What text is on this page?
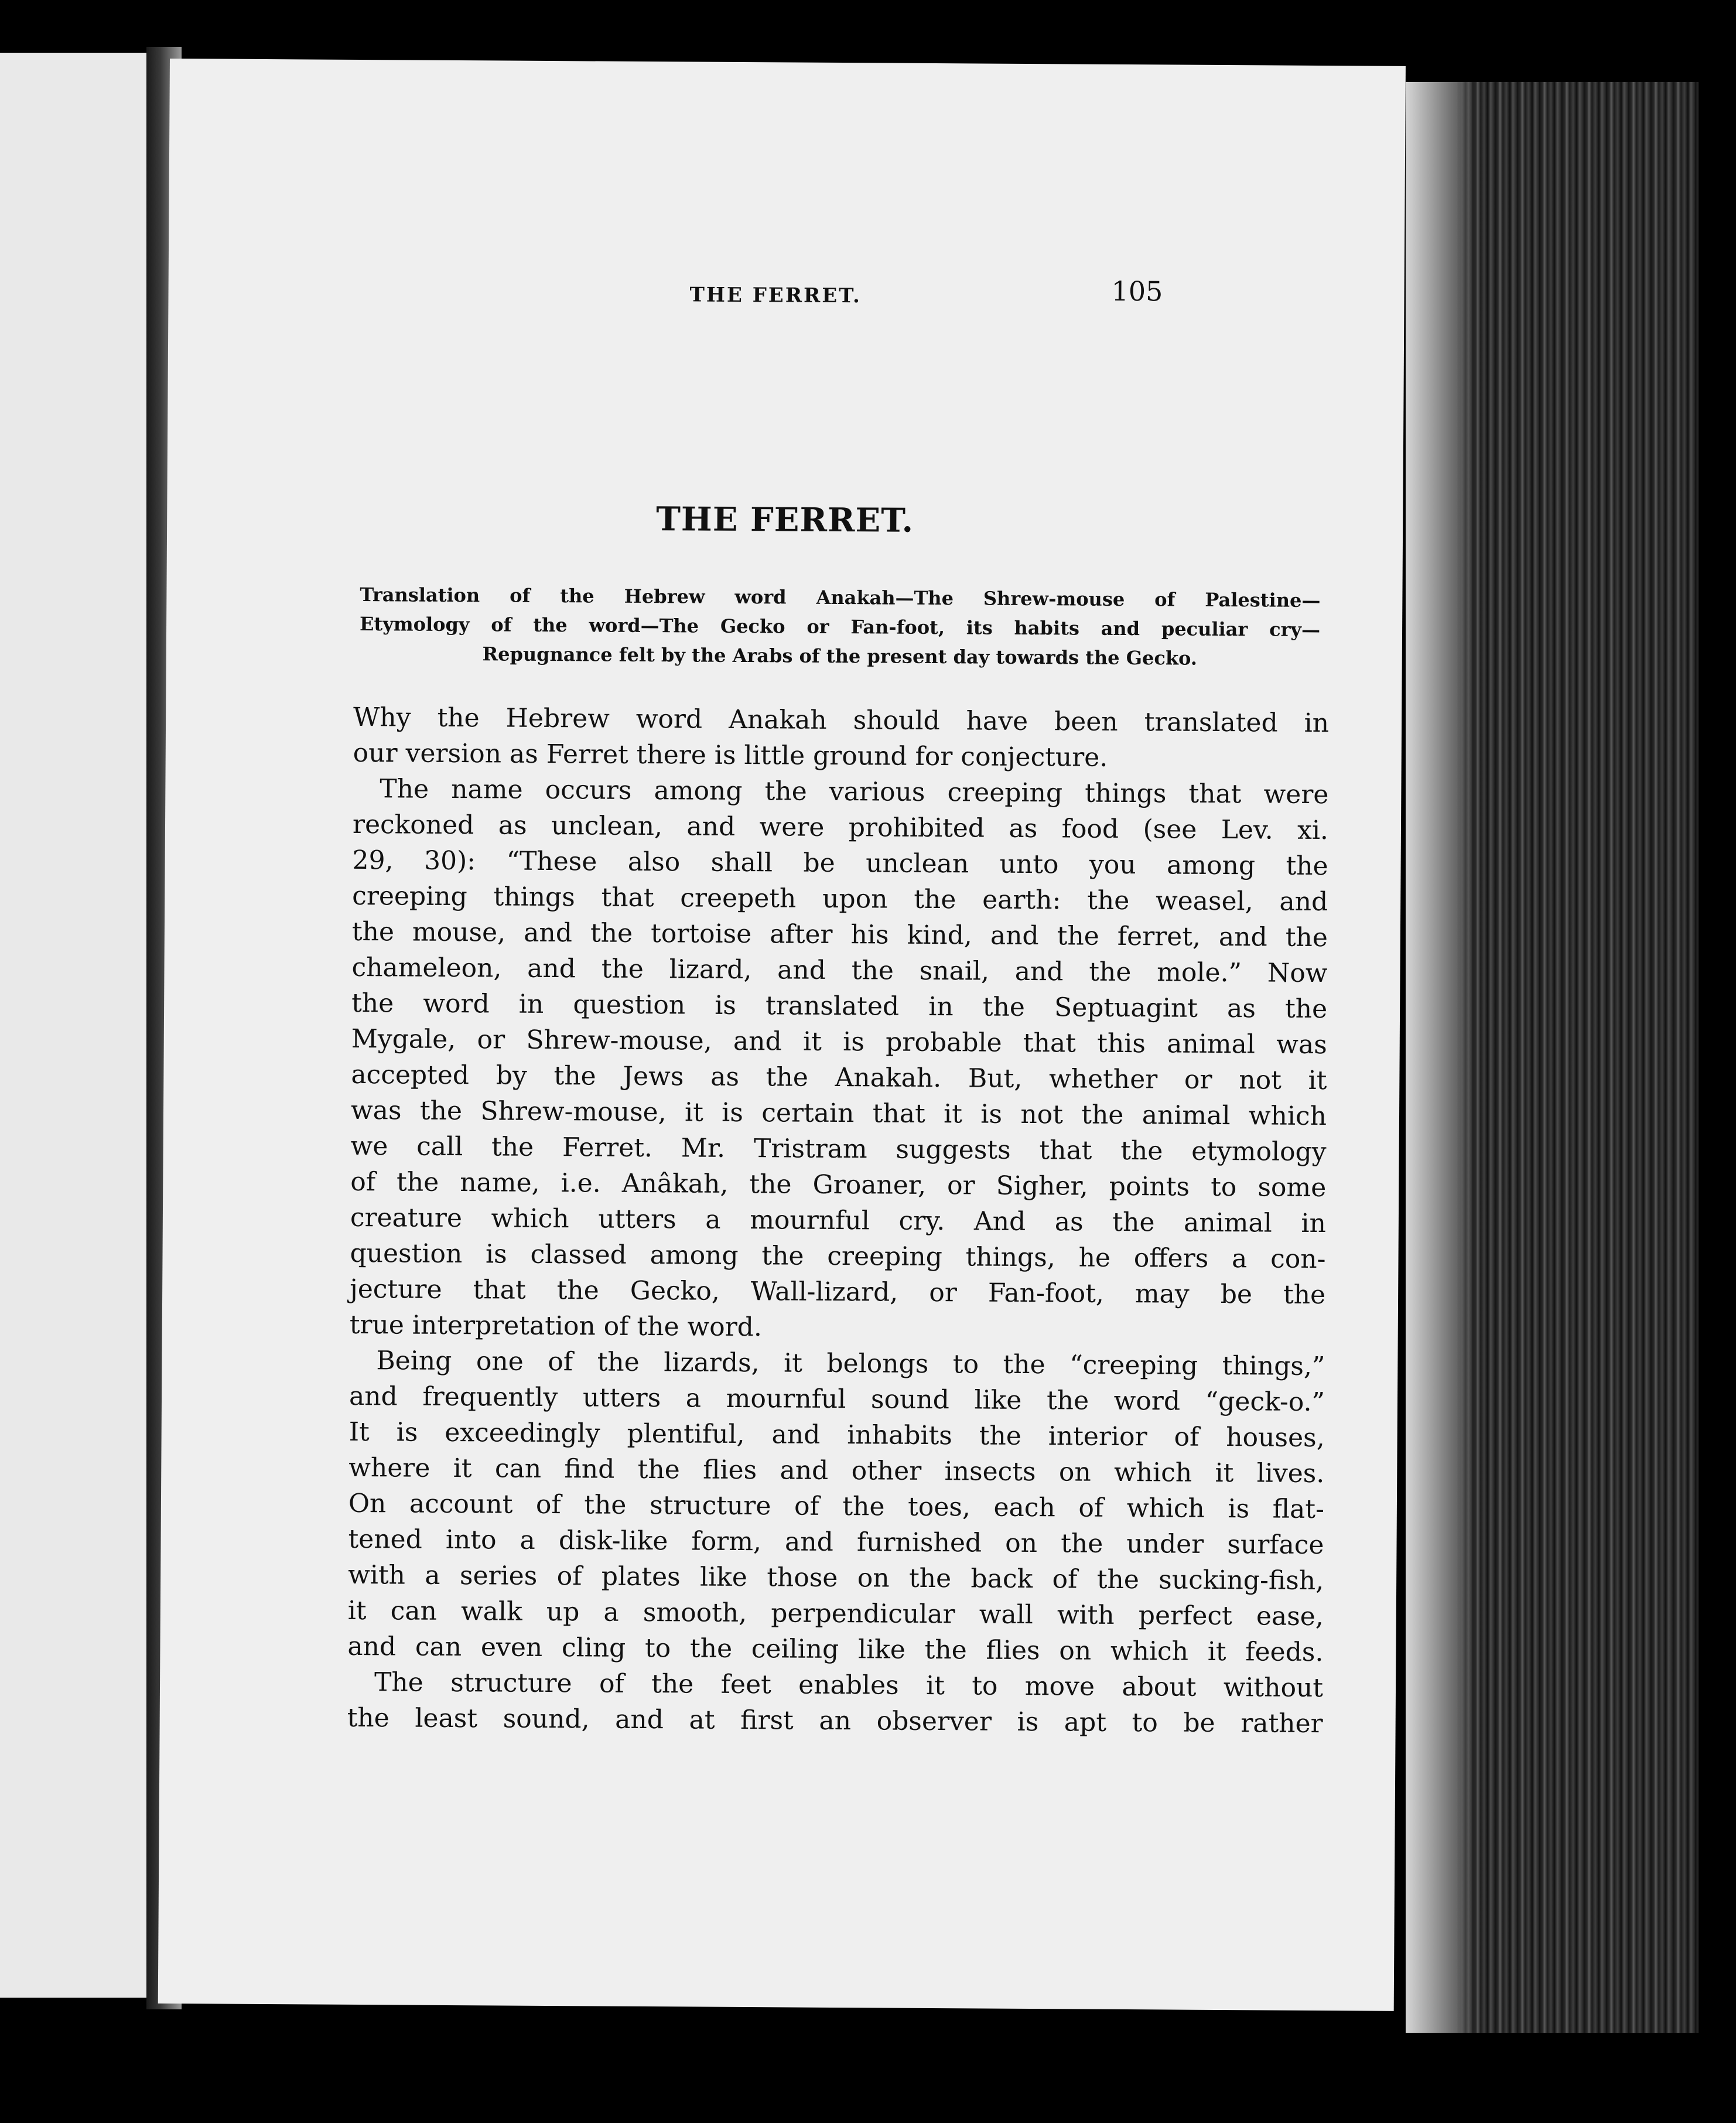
THE FERRET.	105
THE FERRET.
Translation of the Hebrew word Anakah—The Shrew-mouse of Palestine—
Etymology of the word—The Gecko or Fan-foot, its habits and peculiar cry—
Repugnance felt by the Arabs of the present day towards the Gecko.
Why the Hebrew word Anakah should have been translated in
our version as Ferret there is little ground for conjecture.
The name occurs among the various creeping things that were
reckoned as unclean, and were prohibited as food (see Lev. xi.
29, 30): “These also shall be unclean unto you among the
creeping things that creepeth upon the earth: the weasel, and
the mouse, and the tortoise after his kind, and the ferret, and the
chameleon, and the lizard, and the snail, and the mole.” Now
the word in question is translated in the Septuagint as the
Mygale, or Shrew-mouse, and it is probable that this animal was
accepted by the Jews as the Anakah. But, whether or not it
was the Shrew-mouse, it is certain that it is not the animal which
we call the Ferret. Mr. Tristram suggests that the etymology
of the name, i.e. Anâkah, the Groaner, or Sigher, points to some
creature which utters a mournful cry. And as the animal in
question is classed among the creeping things, he offers a con-
jecture that the Gecko, Wall-lizard, or Fan-foot, may be the
true interpretation of the word.
Being one of the lizards, it belongs to the “creeping things,”
and frequently utters a mournful sound like the word “geck-o.”
It is exceedingly plentiful, and inhabits the interior of houses,
where it can find the flies and other insects on which it lives.
On account of the structure of the toes, each of which is flat-
tened into a disk-like form, and furnished on the under surface
with a series of plates like those on the back of the sucking-fish,
it can walk up a smooth, perpendicular wall with perfect ease,
and can even cling to the ceiling like the flies on which it feeds.
The structure of the feet enables it to move about without
the least sound, and at first an observer is apt to be rather
